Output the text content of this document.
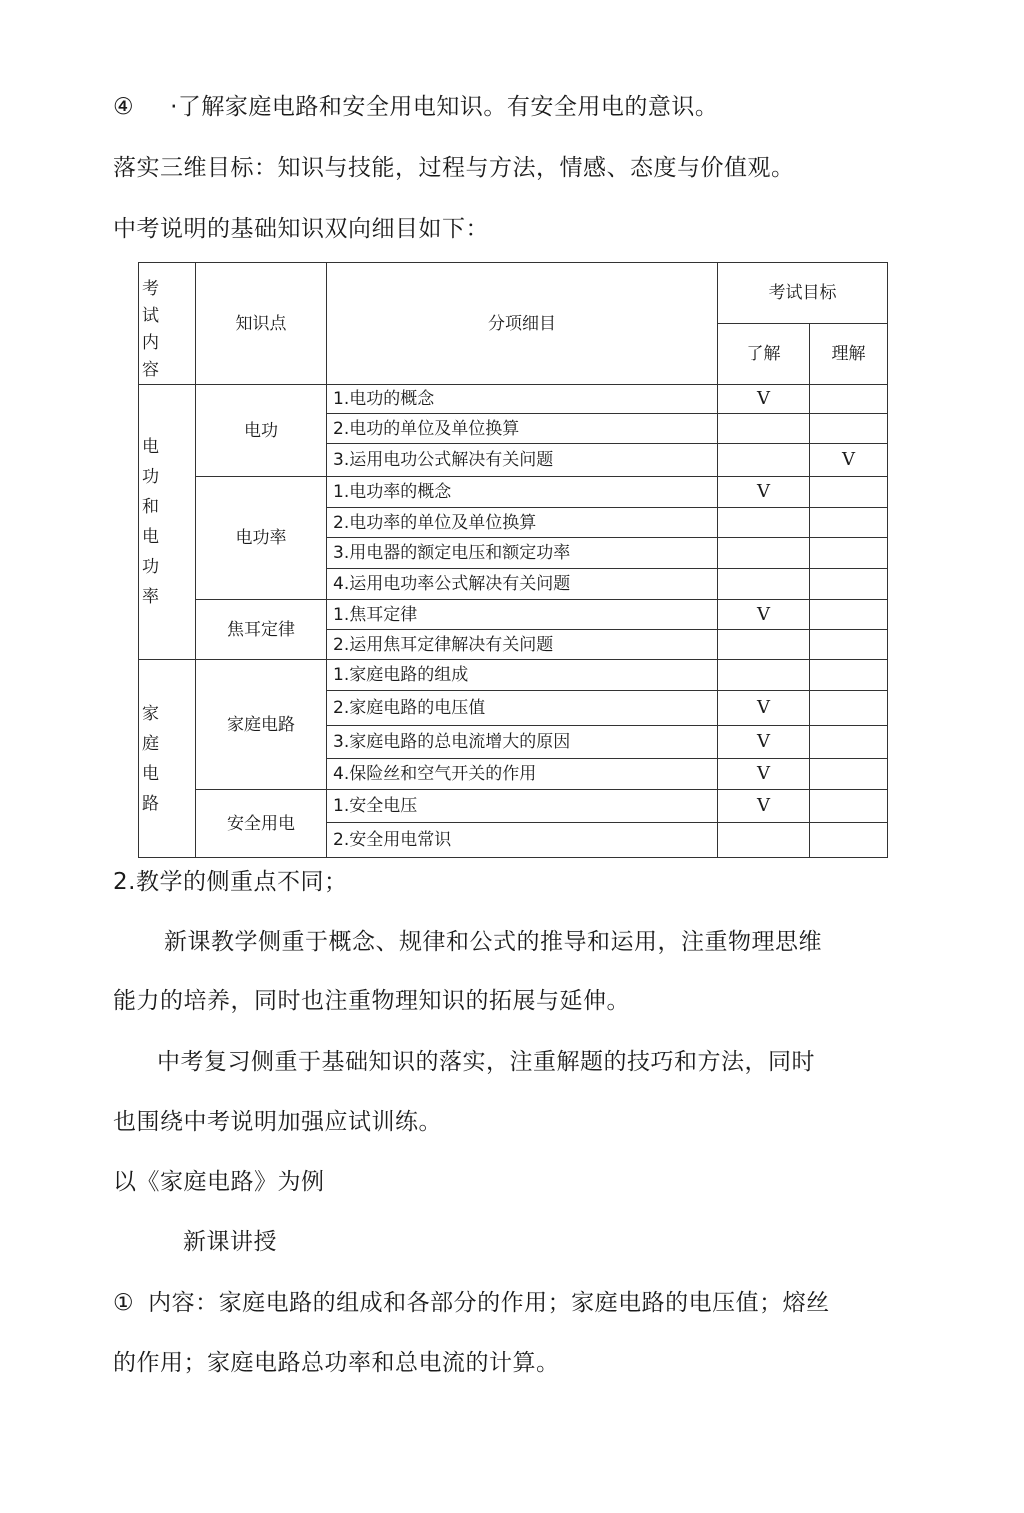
④ ·了解家庭电路和安全用电知识。有安全用电的意识。
落实三维目标：知识与技能，过程与方法，情感、态度与价值观。
中考说明的基础知识双向细目如下：
考 试 内 容	知识点	分项细目	考试目标	
			了解	理解
电 功 和 电 功 率	电功	1.电功的概念	V	
		2.电功的单位及单位换算		
		3.运用电功公式解决有关问题		V
	电功率	1.电功率的概念	V	
		2.电功率的单位及单位换算		
		3.用电器的额定电压和额定功率		
		4.运用电功率公式解决有关问题		
	焦耳定律	1.焦耳定律	V	
		2.运用焦耳定律解决有关问题		
家 庭 电 路	家庭电路	1.家庭电路的组成		
		2.家庭电路的电压值	V	
		3.家庭电路的总电流增大的原因	V	
		4.保险丝和空气开关的作用	V	
	安全用电	1.安全电压	V	
		2.安全用电常识		
2.教学的侧重点不同；
新课教学侧重于概念、规律和公式的推导和运用，注重物理思维
能力的培养，同时也注重物理知识的拓展与延伸。
中考复习侧重于基础知识的落实，注重解题的技巧和方法，同时
也围绕中考说明加强应试训练。
以《家庭电路》为例
新课讲授
① 内容：家庭电路的组成和各部分的作用；家庭电路的电压值；熔丝
的作用；家庭电路总功率和总电流的计算。
